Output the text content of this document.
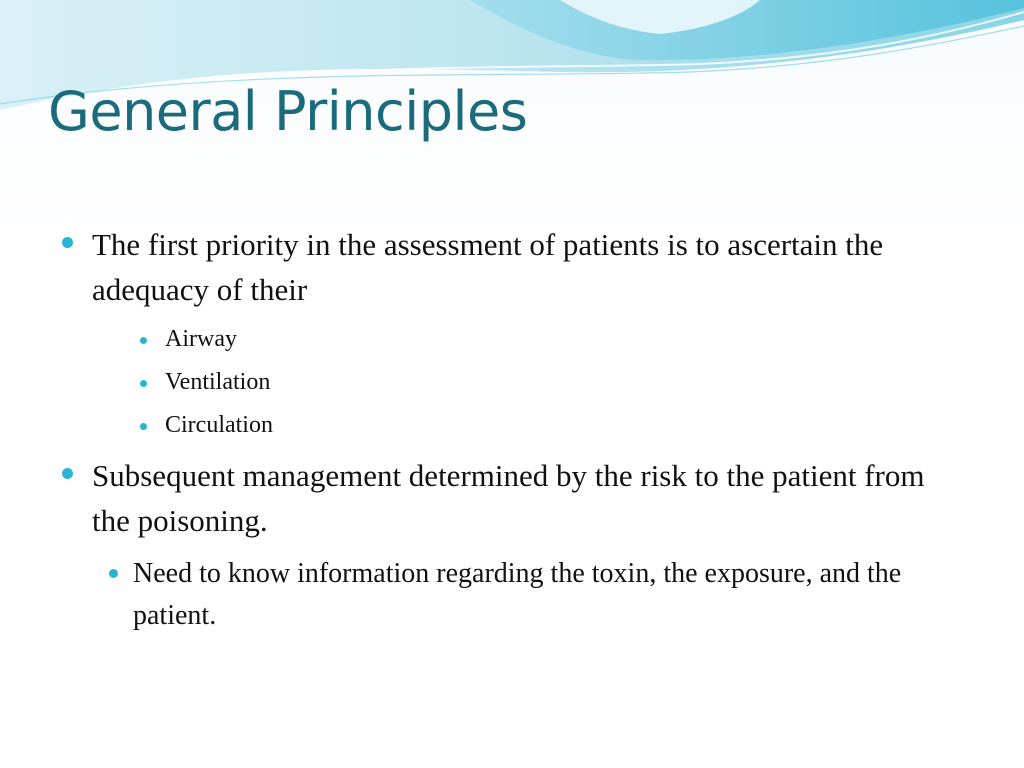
General Principles
The first priority in the assessment of patients is to ascertain the adequacy of their
Airway
Ventilation
Circulation
Subsequent management determined by the risk to the patient from the poisoning.
Need to know information regarding the toxin, the exposure, and the patient.
